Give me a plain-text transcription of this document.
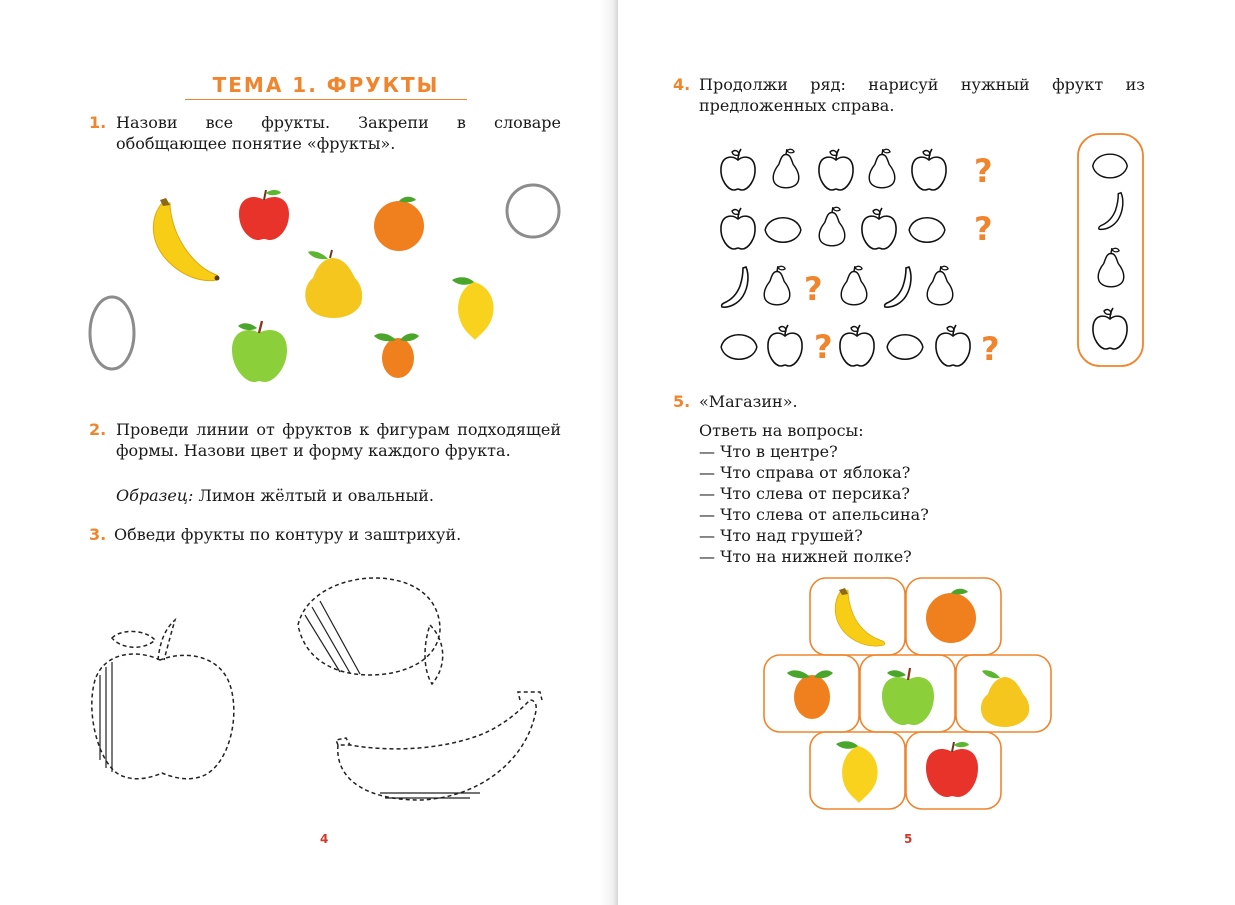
ТЕМА 1. ФРУКТЫ
1. Назови все фрукты. Закрепи в словаре обобщающее понятие «фрукты».
2. Проведи линии от фруктов к фигурам подходящей формы. Назови цвет и форму каждого фрукта.
Образец: Лимон жёлтый и овальный.
3. Обведи фрукты по контуру и заштрихуй.
4
4. Продолжи ряд: нарисуй нужный фрукт из предложенных справа.
?
?
?
?	?
5. «Магазин».
Ответь на вопросы:
— Что в центре?
— Что справа от яблока?
— Что слева от персика?
— Что слева от апельсина?
— Что над грушей?
— Что на нижней полке?
5
